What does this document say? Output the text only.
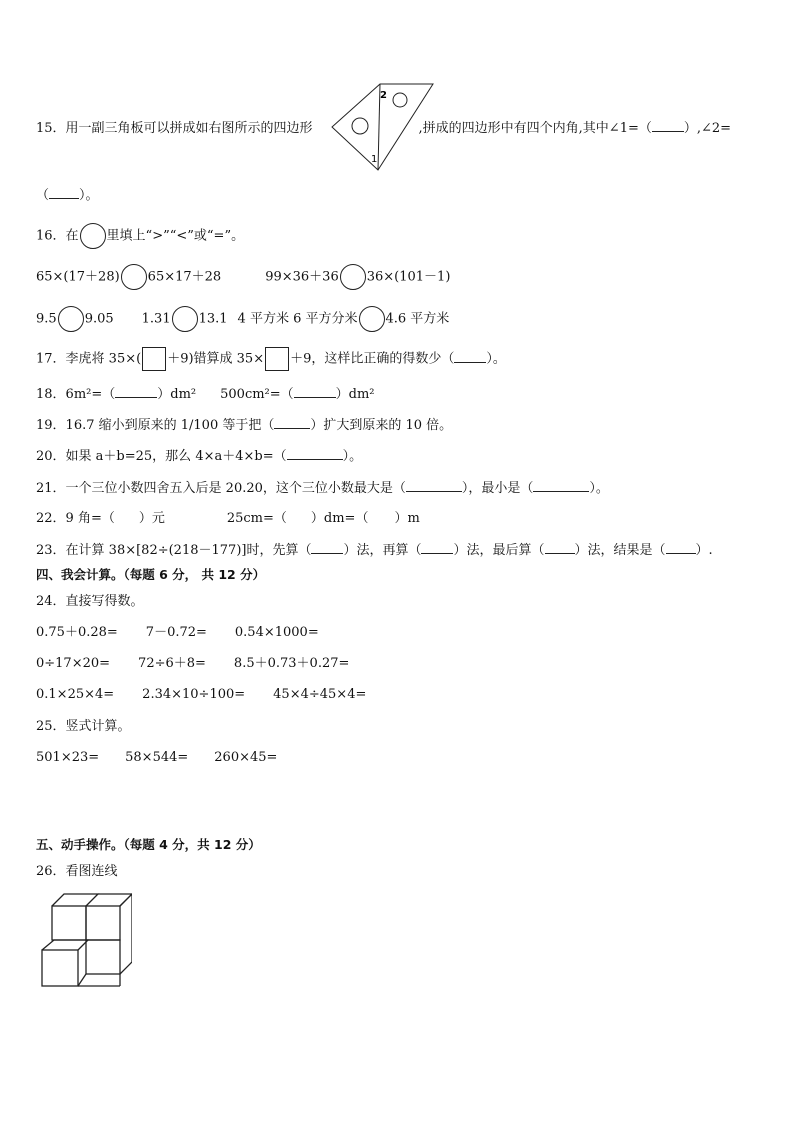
15．用一副三角板可以拼成如右图所示的四边形	,拼成的四边形中有四个内角,其中∠1=（ ）,∠2=
2
1
（ ）。
16．在 里填上“>”“<”或“=”。
65×(17＋28) 65×17＋28	99×36＋36 36×(101－1)
9.5 9.05 1.31 13.1 4 平方米 6 平方分米 4.6 平方米
17．李虎将 35×( ＋9)错算成 35× ＋9，这样比正确的得数少（ ）。
18．6m²=（	）dm² 500cm²=（	）dm²
19．16.7 缩小到原来的 1/100 等于把（	）扩大到原来的 10 倍。
20．如果 a＋b=25，那么 4×a＋4×b=（	）。
21．一个三位小数四舍五入后是 20.20，这个三位小数最大是（	），最小是（	）。
22．9 角=（ ）元	25cm=（ ）dm=（ ）m
23．在计算 38×[82÷(218－177)]时，先算（ ）法，再算（ ）法，最后算（ ）法，结果是（ ）.
四、我会计算。（每题 6 分， 共 12 分）
24．直接写得数。
0.75＋0.28= 7－0.72= 0.54×1000=
0÷17×20= 72÷6＋8= 8.5＋0.73＋0.27=
0.1×25×4= 2.34×10÷100= 45×4÷45×4=
25．竖式计算。
501×23= 58×544= 260×45=
五、动手操作。（每题 4 分，共 12 分）
26．看图连线
